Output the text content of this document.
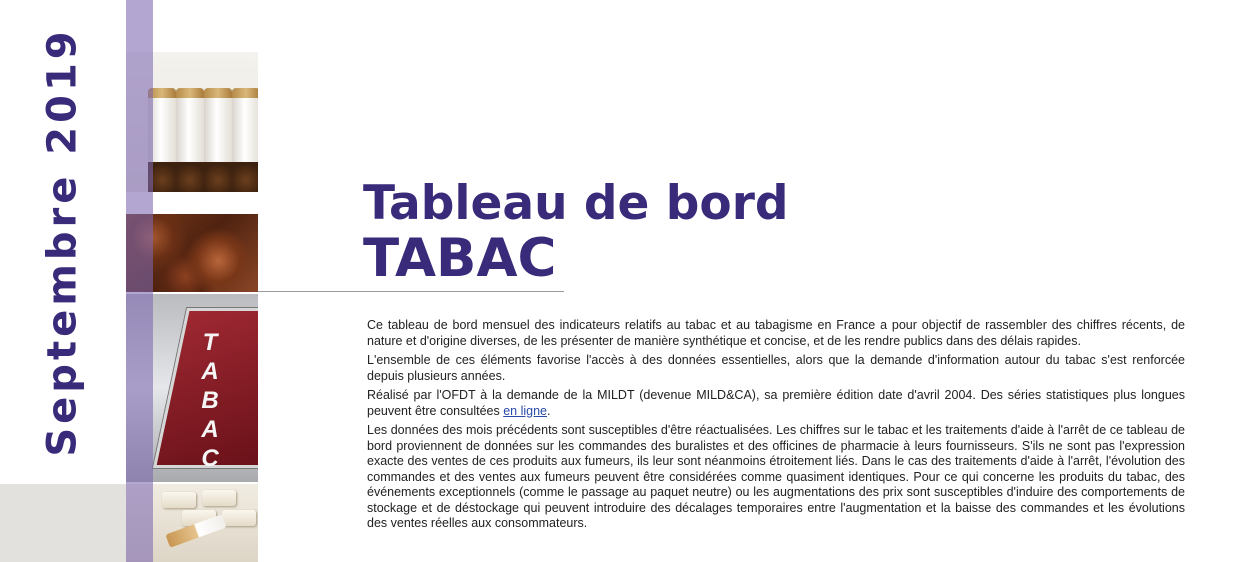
Septembre 2019	T
A
B
A
C
Tableau de bord
TABAC

Ce tableau de bord mensuel des indicateurs relatifs au tabac et au tabagisme en France a pour objectif de rassembler des chiffres récents, de nature et d'origine diverses, de les présenter de manière synthétique et concise, et de les rendre publics dans des délais rapides.

L'ensemble de ces éléments favorise l'accès à des données essentielles, alors que la demande d'information autour du tabac s'est renforcée depuis plusieurs années.

Réalisé par l'OFDT à la demande de la MILDT (devenue MILD&CA), sa première édition date d'avril 2004. Des séries statistiques plus longues peuvent être consultées en ligne.

Les données des mois précédents sont susceptibles d'être réactualisées. Les chiffres sur le tabac et les traitements d'aide à l'arrêt de ce tableau de bord proviennent de données sur les commandes des buralistes et des officines de pharmacie à leurs fournisseurs. S'ils ne sont pas l'expression exacte des ventes de ces produits aux fumeurs, ils leur sont néanmoins étroitement liés. Dans le cas des traitements d'aide à l'arrêt, l'évolution des commandes et des ventes aux fumeurs peuvent être considérées comme quasiment identiques. Pour ce qui concerne les produits du tabac, des événements exceptionnels (comme le passage au paquet neutre) ou les augmentations des prix sont susceptibles d'induire des comportements de stockage et de déstockage qui peuvent introduire des décalages temporaires entre l'augmentation et la baisse des commandes et les évolutions des ventes réelles aux consommateurs.
